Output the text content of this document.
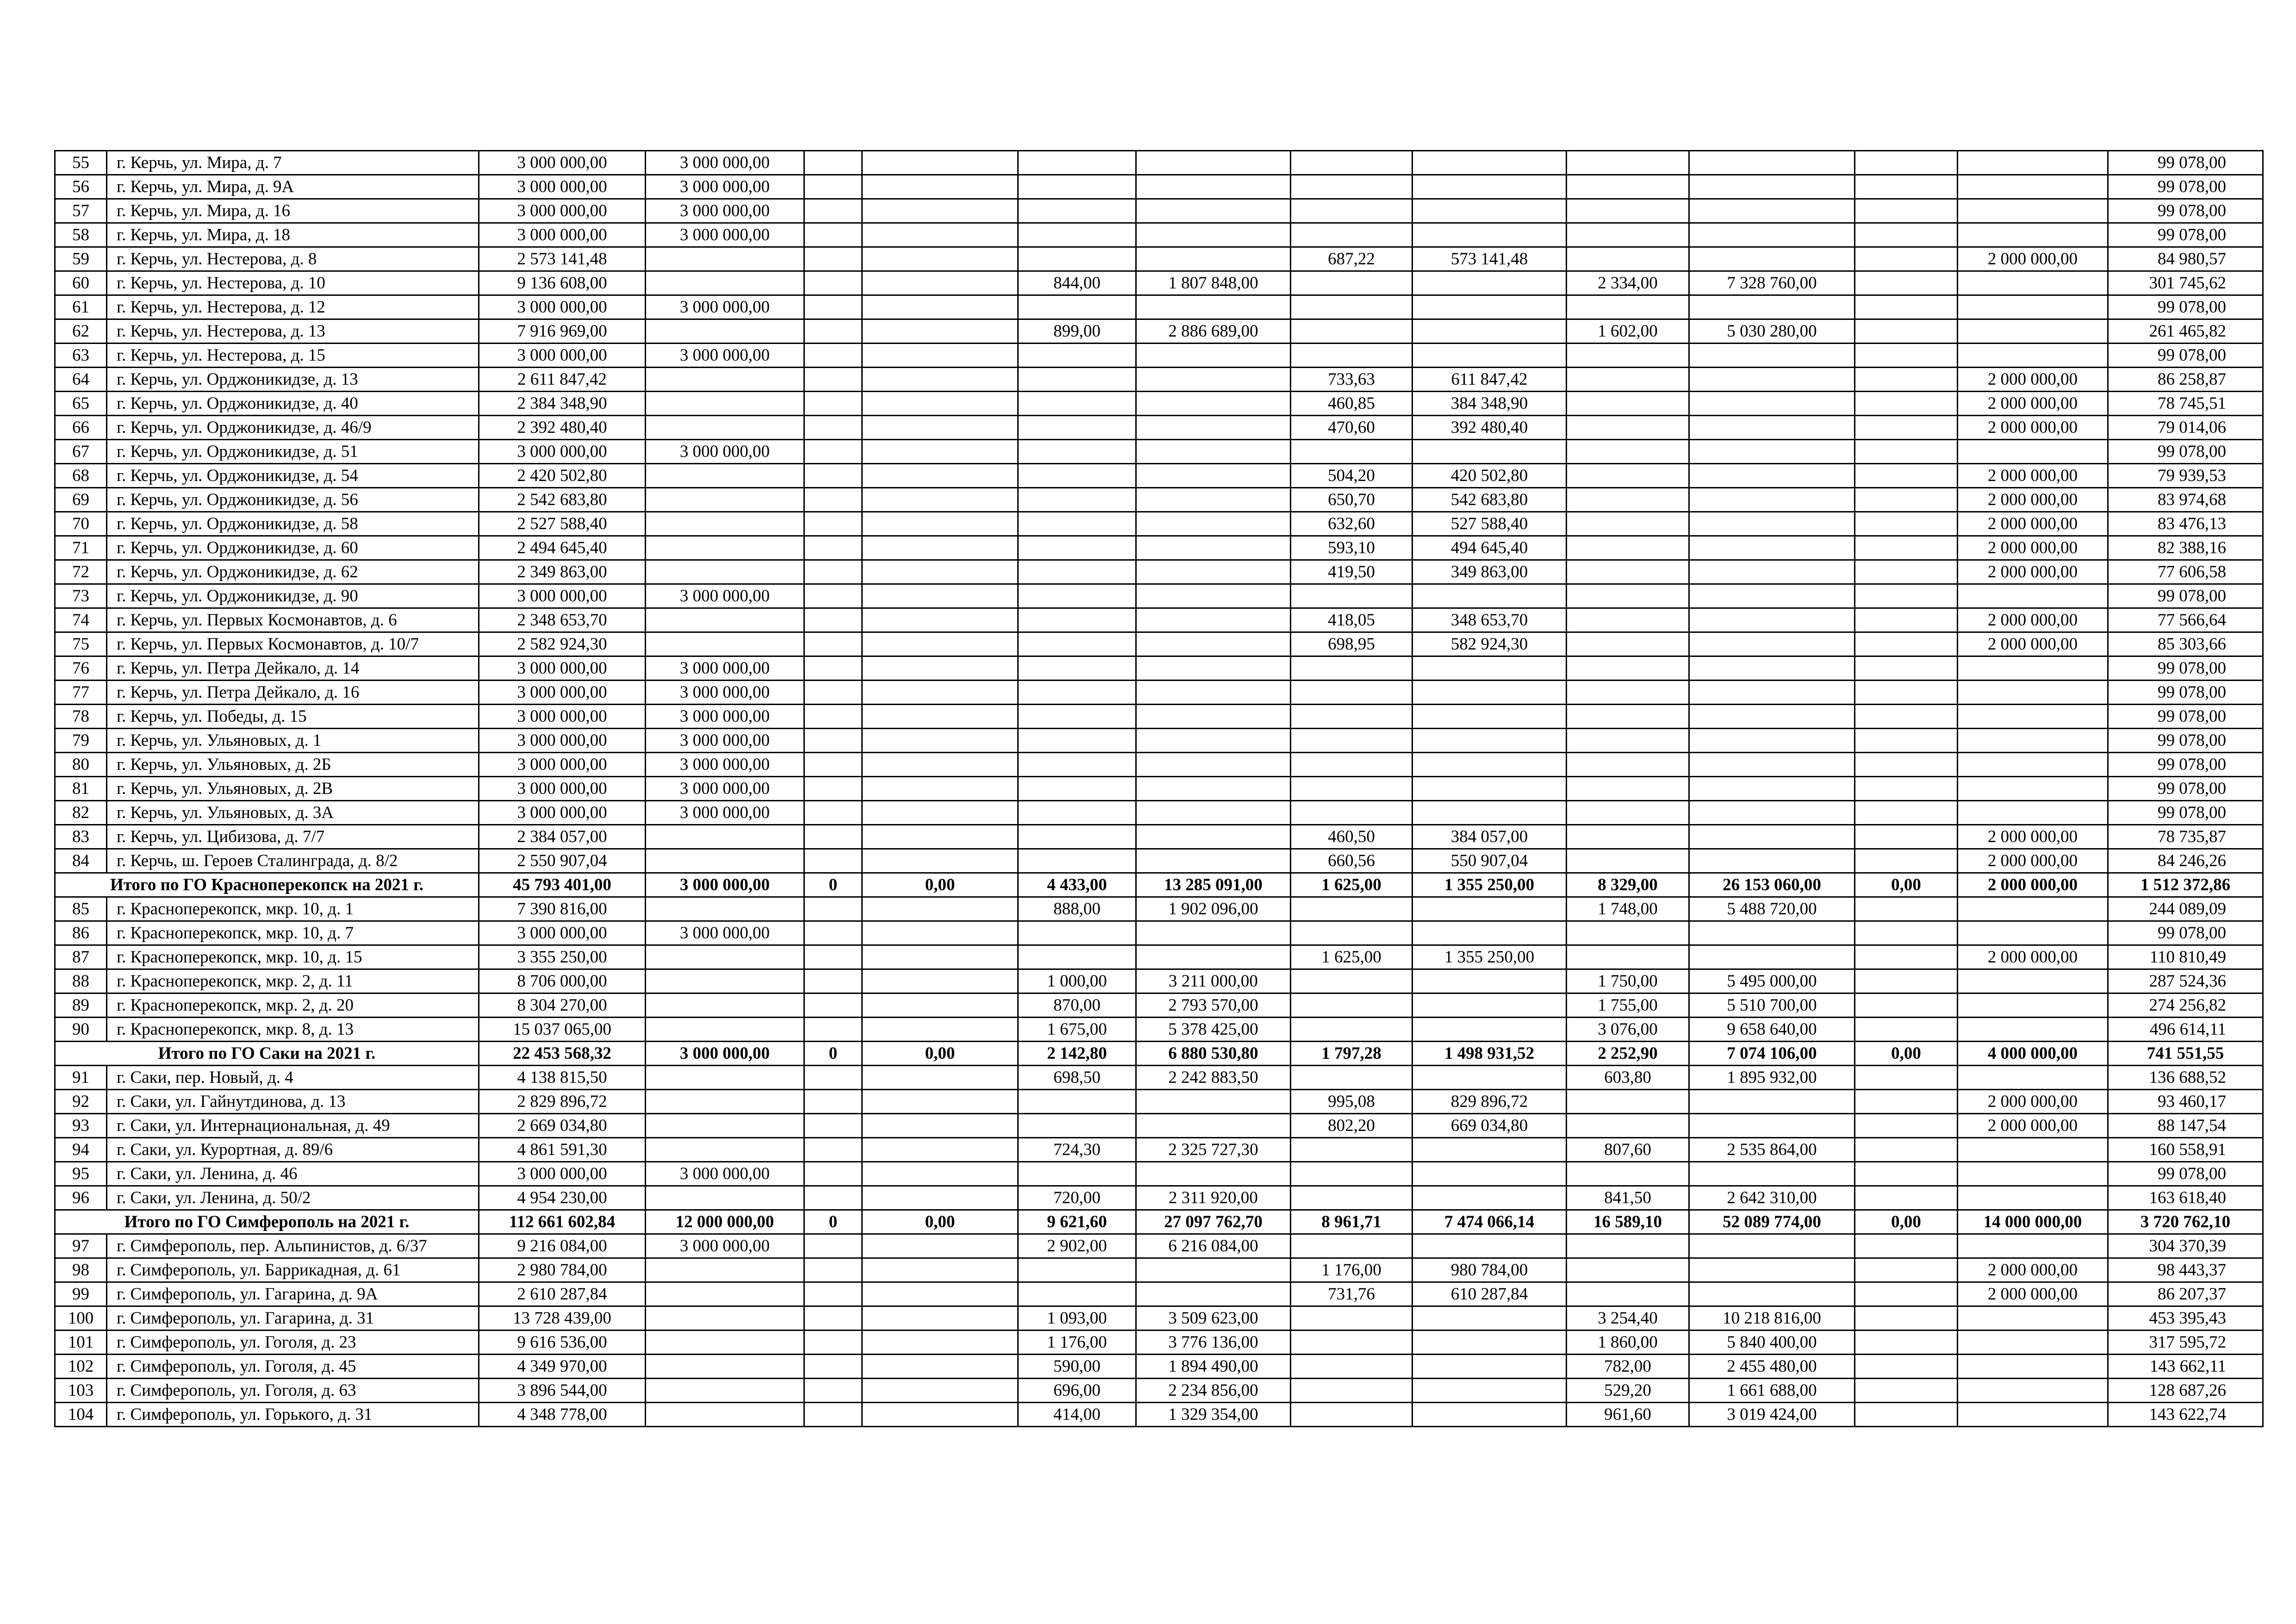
55	г. Керчь, ул. Мира, д. 7	3 000 000,00	3 000 000,00											99 078,00
56	г. Керчь, ул. Мира, д. 9А	3 000 000,00	3 000 000,00											99 078,00
57	г. Керчь, ул. Мира, д. 16	3 000 000,00	3 000 000,00											99 078,00
58	г. Керчь, ул. Мира, д. 18	3 000 000,00	3 000 000,00											99 078,00
59	г. Керчь, ул. Нестерова, д. 8	2 573 141,48						687,22	573 141,48				2 000 000,00	84 980,57
60	г. Керчь, ул. Нестерова, д. 10	9 136 608,00				844,00	1 807 848,00			2 334,00	7 328 760,00			301 745,62
61	г. Керчь, ул. Нестерова, д. 12	3 000 000,00	3 000 000,00											99 078,00
62	г. Керчь, ул. Нестерова, д. 13	7 916 969,00				899,00	2 886 689,00			1 602,00	5 030 280,00			261 465,82
63	г. Керчь, ул. Нестерова, д. 15	3 000 000,00	3 000 000,00											99 078,00
64	г. Керчь, ул. Орджоникидзе, д. 13	2 611 847,42						733,63	611 847,42				2 000 000,00	86 258,87
65	г. Керчь, ул. Орджоникидзе, д. 40	2 384 348,90						460,85	384 348,90				2 000 000,00	78 745,51
66	г. Керчь, ул. Орджоникидзе, д. 46/9	2 392 480,40						470,60	392 480,40				2 000 000,00	79 014,06
67	г. Керчь, ул. Орджоникидзе, д. 51	3 000 000,00	3 000 000,00											99 078,00
68	г. Керчь, ул. Орджоникидзе, д. 54	2 420 502,80						504,20	420 502,80				2 000 000,00	79 939,53
69	г. Керчь, ул. Орджоникидзе, д. 56	2 542 683,80						650,70	542 683,80				2 000 000,00	83 974,68
70	г. Керчь, ул. Орджоникидзе, д. 58	2 527 588,40						632,60	527 588,40				2 000 000,00	83 476,13
71	г. Керчь, ул. Орджоникидзе, д. 60	2 494 645,40						593,10	494 645,40				2 000 000,00	82 388,16
72	г. Керчь, ул. Орджоникидзе, д. 62	2 349 863,00						419,50	349 863,00				2 000 000,00	77 606,58
73	г. Керчь, ул. Орджоникидзе, д. 90	3 000 000,00	3 000 000,00											99 078,00
74	г. Керчь, ул. Первых Космонавтов, д. 6	2 348 653,70						418,05	348 653,70				2 000 000,00	77 566,64
75	г. Керчь, ул. Первых Космонавтов, д. 10/7	2 582 924,30						698,95	582 924,30				2 000 000,00	85 303,66
76	г. Керчь, ул. Петра Дейкало, д. 14	3 000 000,00	3 000 000,00											99 078,00
77	г. Керчь, ул. Петра Дейкало, д. 16	3 000 000,00	3 000 000,00											99 078,00
78	г. Керчь, ул. Победы, д. 15	3 000 000,00	3 000 000,00											99 078,00
79	г. Керчь, ул. Ульяновых, д. 1	3 000 000,00	3 000 000,00											99 078,00
80	г. Керчь, ул. Ульяновых, д. 2Б	3 000 000,00	3 000 000,00											99 078,00
81	г. Керчь, ул. Ульяновых, д. 2В	3 000 000,00	3 000 000,00											99 078,00
82	г. Керчь, ул. Ульяновых, д. 3А	3 000 000,00	3 000 000,00											99 078,00
83	г. Керчь, ул. Цибизова, д. 7/7	2 384 057,00						460,50	384 057,00				2 000 000,00	78 735,87
84	г. Керчь, ш. Героев Сталинграда, д. 8/2	2 550 907,04						660,56	550 907,04				2 000 000,00	84 246,26
Итого по ГО Красноперекопск на 2021 г.		45 793 401,00	3 000 000,00	0	0,00	4 433,00	13 285 091,00	1 625,00	1 355 250,00	8 329,00	26 153 060,00	0,00	2 000 000,00	1 512 372,86
85	г. Красноперекопск, мкр. 10, д. 1	7 390 816,00				888,00	1 902 096,00			1 748,00	5 488 720,00			244 089,09
86	г. Красноперекопск, мкр. 10, д. 7	3 000 000,00	3 000 000,00											99 078,00
87	г. Красноперекопск, мкр. 10, д. 15	3 355 250,00						1 625,00	1 355 250,00				2 000 000,00	110 810,49
88	г. Красноперекопск, мкр. 2, д. 11	8 706 000,00				1 000,00	3 211 000,00			1 750,00	5 495 000,00			287 524,36
89	г. Красноперекопск, мкр. 2, д. 20	8 304 270,00				870,00	2 793 570,00			1 755,00	5 510 700,00			274 256,82
90	г. Красноперекопск, мкр. 8, д. 13	15 037 065,00				1 675,00	5 378 425,00			3 076,00	9 658 640,00			496 614,11
Итого по ГО Саки на 2021 г.		22 453 568,32	3 000 000,00	0	0,00	2 142,80	6 880 530,80	1 797,28	1 498 931,52	2 252,90	7 074 106,00	0,00	4 000 000,00	741 551,55
91	г. Саки, пер. Новый, д. 4	4 138 815,50				698,50	2 242 883,50			603,80	1 895 932,00			136 688,52
92	г. Саки, ул. Гайнутдинова, д. 13	2 829 896,72						995,08	829 896,72				2 000 000,00	93 460,17
93	г. Саки, ул. Интернациональная, д. 49	2 669 034,80						802,20	669 034,80				2 000 000,00	88 147,54
94	г. Саки, ул. Курортная, д. 89/6	4 861 591,30				724,30	2 325 727,30			807,60	2 535 864,00			160 558,91
95	г. Саки, ул. Ленина, д. 46	3 000 000,00	3 000 000,00											99 078,00
96	г. Саки, ул. Ленина, д. 50/2	4 954 230,00				720,00	2 311 920,00			841,50	2 642 310,00			163 618,40
Итого по ГО Симферополь на 2021 г.		112 661 602,84	12 000 000,00	0	0,00	9 621,60	27 097 762,70	8 961,71	7 474 066,14	16 589,10	52 089 774,00	0,00	14 000 000,00	3 720 762,10
97	г. Симферополь, пер. Альпинистов, д. 6/37	9 216 084,00	3 000 000,00			2 902,00	6 216 084,00							304 370,39
98	г. Симферополь, ул. Баррикадная, д. 61	2 980 784,00						1 176,00	980 784,00				2 000 000,00	98 443,37
99	г. Симферополь, ул. Гагарина, д. 9А	2 610 287,84						731,76	610 287,84				2 000 000,00	86 207,37
100	г. Симферополь, ул. Гагарина, д. 31	13 728 439,00				1 093,00	3 509 623,00			3 254,40	10 218 816,00			453 395,43
101	г. Симферополь, ул. Гоголя, д. 23	9 616 536,00				1 176,00	3 776 136,00			1 860,00	5 840 400,00			317 595,72
102	г. Симферополь, ул. Гоголя, д. 45	4 349 970,00				590,00	1 894 490,00			782,00	2 455 480,00			143 662,11
103	г. Симферополь, ул. Гоголя, д. 63	3 896 544,00				696,00	2 234 856,00			529,20	1 661 688,00			128 687,26
104	г. Симферополь, ул. Горького, д. 31	4 348 778,00				414,00	1 329 354,00			961,60	3 019 424,00			143 622,74
